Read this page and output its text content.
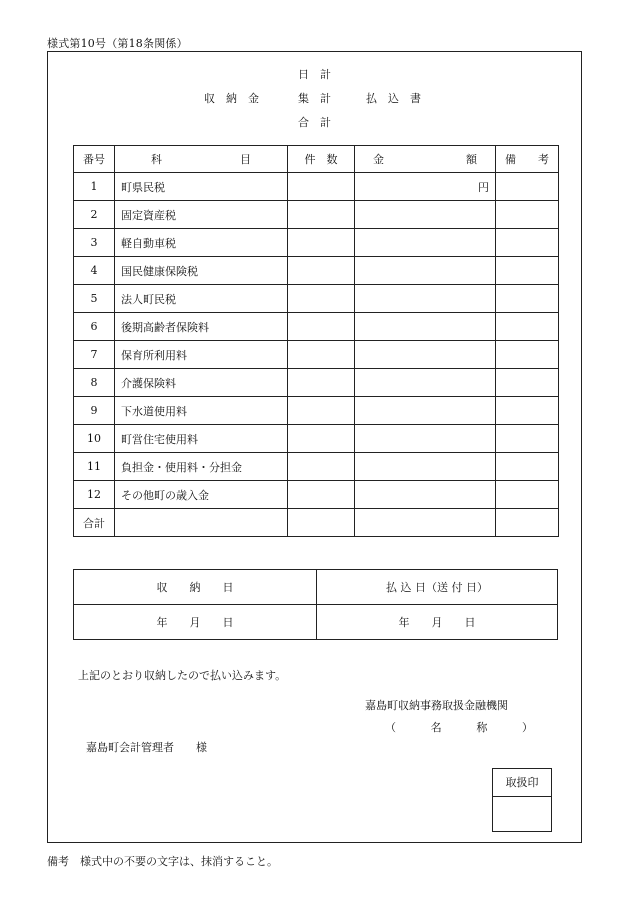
様式第10号（第18条関係）
日　計
収　納　金	集　計	払　込　書
合　計
番号	科 目	件　数	金 額	備　　考
1	町県民税		円	

2	固定資産税			
3	軽自動車税			
4	国民健康保険税			
5	法人町民税			
6	後期高齢者保険料			
7	保育所利用料			
8	介護保険料			
9	下水道使用料			
10	町営住宅使用料			
11	負担金・使用料・分担金			
12	その他町の歳入金			
合計				
収　　納　　日	払 込 日（送 付 日）
年　　月　　日	年　　月　　日
上記のとおり収納したので払い込みます。
嘉島町収納事務取扱金融機関
（	名	称	）
嘉島町会計管理者　　様
取扱印
備考　様式中の不要の文字は、抹消すること。
